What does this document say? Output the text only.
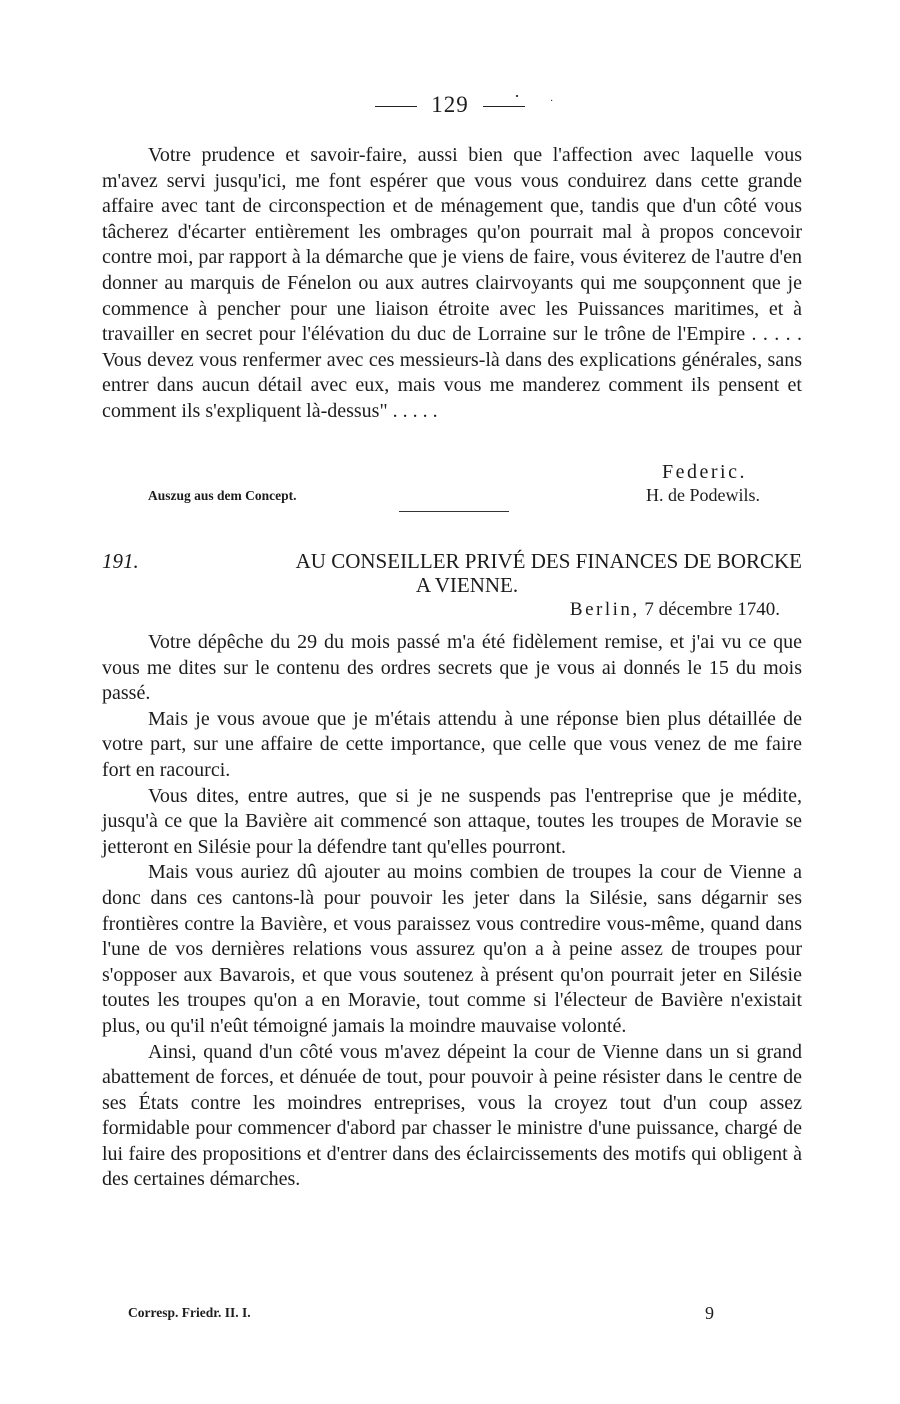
129	·	·

Votre prudence et savoir-faire, aussi bien que l'affection avec laquelle vous m'avez servi jusqu'ici, me font espérer que vous vous conduirez dans cette grande affaire avec tant de circonspection et de ménagement que, tandis que d'un côté vous tâcherez d'écarter entièrement les ombrages qu'on pourrait mal à propos concevoir contre moi, par rapport à la démarche que je viens de faire, vous éviterez de l'autre d'en donner au marquis de Fénelon ou aux autres clairvoyants qui me soupçonnent que je commence à pencher pour une liaison étroite avec les Puissances maritimes, et à travailler en secret pour l'élévation du duc de Lorraine sur le trône de l'Empire . . . . . Vous devez vous renfermer avec ces messieurs-là dans des explications générales, sans entrer dans aucun détail avec eux, mais vous me manderez comment ils pensent et comment ils s'expliquent là-dessus" . . . . .

Federic.
H. de Podewils.
Auszug aus dem Concept.
191.	AU CONSEILLER PRIVÉ DES FINANCES DE BORCKE
A VIENNE.
Berlin, 7 décembre 1740.

Votre dépêche du 29 du mois passé m'a été fidèlement remise, et j'ai vu ce que vous me dites sur le contenu des ordres secrets que je vous ai donnés le 15 du mois passé.

Mais je vous avoue que je m'étais attendu à une réponse bien plus détaillée de votre part, sur une affaire de cette importance, que celle que vous venez de me faire fort en racourci.

Vous dites, entre autres, que si je ne suspends pas l'entreprise que je médite, jusqu'à ce que la Bavière ait commencé son attaque, toutes les troupes de Moravie se jetteront en Silésie pour la défendre tant qu'elles pourront.

Mais vous auriez dû ajouter au moins combien de troupes la cour de Vienne a donc dans ces cantons-là pour pouvoir les jeter dans la Silésie, sans dégarnir ses frontières contre la Bavière, et vous paraissez vous contredire vous-même, quand dans l'une de vos dernières relations vous assurez qu'on a à peine assez de troupes pour s'opposer aux Bavarois, et que vous soutenez à présent qu'on pourrait jeter en Silésie toutes les troupes qu'on a en Moravie, tout comme si l'électeur de Bavière n'existait plus, ou qu'il n'eût témoigné jamais la moindre mauvaise volonté.

Ainsi, quand d'un côté vous m'avez dépeint la cour de Vienne dans un si grand abattement de forces, et dénuée de tout, pour pouvoir à peine résister dans le centre de ses États contre les moindres entreprises, vous la croyez tout d'un coup assez formidable pour commencer d'abord par chasser le ministre d'une puissance, chargé de lui faire des propositions et d'entrer dans des éclaircissements des motifs qui obligent à des certaines démarches.

Corresp. Friedr. II. I.	9
